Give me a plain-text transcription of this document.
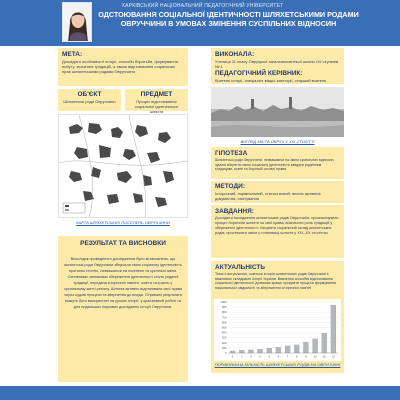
ХАРКІВСЬКИЙ НАЦІОНАЛЬНИЙ ПЕДАГОГІЧНИЙ УНІВЕРСИТЕТ
ОДСТОЮВАННЯ СОЦІАЛЬНОЇ ІДЕНТИЧНОСТІ ШЛЯХЕТСЬКИМИ РОДАМИ ОВРУЧЧИНИ В УМОВАХ ЗМІНЕННЯ СУСПІЛЬНИХ ВІДНОСИН
МЕТА:
Дослідити особливості історії, способи боротьби, формування побуту, значення традицій, а також відстоювання соціальних прав шляхетськими родами Овруччини
ОБ'ЄКТ
Шляхетські роди Овруччини
ПРЕДМЕТ
Процес відстоювання соціальної ідентичності шляхти
КАРТА ШЛЯХЕТСЬКИХ ПОСЕЛЕНЬ ОВРУЧЧИНИ
РЕЗУЛЬТАТ ТА ВИСНОВКИ
Внаслідок проведеного дослідження було встановлено, що шляхетські роди Овруччини зберігали свою соціальну ідентичність протягом століть, незважаючи на політичні та суспільні зміни. Основними чинниками збереження ідентичності стали родинні традиції, передача історичної пам'яті, освіта та участь у суспільному житті регіону. Шляхта активно відстоювала свої права через судові процеси та звернення до влади. Отримані результати можуть бути використані на уроках історії, у краєзнавчій роботі та для подальших наукових досліджень історії Овруччини.
ВИКОНАЛА:
Учениця 11 класу Овруцької загальноосвітньої школи І-ІІІ ступенів № 1
ПЕДАГОГІЧНИЙ КЕРІВНИК:
Вчитель історії, спеціаліст вищої категорії, старший вчитель
ВИГЛЯД МІСТА ОВРУЧ У XIX СТОЛІТТІ
ГІПОТЕЗА
Шляхетські роди Овруччини, незважаючи на зміни суспільних відносин, зуміли зберегти свою соціальну ідентичність завдяки родинним традиціям, освіті та боротьбі за свої права
МЕТОДИ:
Історичний, порівняльний, статистичний, аналіз архівних документів, опитування
ЗАВДАННЯ:
Дослідити походження шляхетських родів Овруччини; проаналізувати процес боротьби шляхти за свої права; визначити роль традицій у збереженні ідентичності; з'ясувати соціальний склад шляхетських родів; простежити зміни у становищі шляхти у XIX–XX століттях
АКТУАЛЬНІСТЬ
Тема є актуальною, оскільки історія шляхетських родів Овруччини є важливою складовою історії України. Вивчення способів відстоювання соціальної ідентичності дозволяє краще зрозуміти процеси формування національної свідомості та збереження історичної пам'яті
0
100
200
300
400
500
600
700
800
900
1000
1	2	3	4	5	6	7	8	9 10 11 12
ПОРІВНЯЛЬНА КІЛЬКІСТЬ ШЛЯХЕТСЬКИХ РОДІВ НА ОВРУЧЧИНІ
